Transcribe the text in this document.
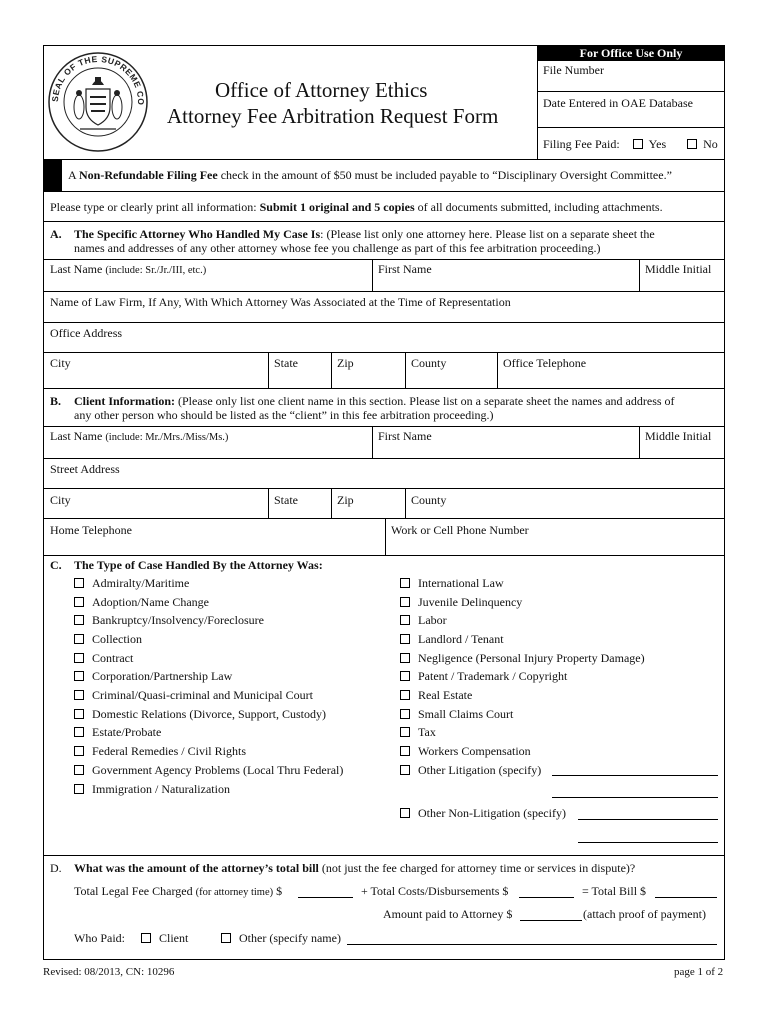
SEAL OF THE SUPREME CO	Office of Attorney Ethics
Attorney Fee Arbitration Request Form
For Office Use Only
File Number
Date Entered in OAE Database
Filing Fee Paid: Yes	No
A Non-Refundable Filing Fee check in the amount of $50 must be included payable to “Disciplinary Oversight Committee.”
Please type or clearly print all information: Submit 1 original and 5 copies of all documents submitted, including attachments.
A. The Specific Attorney Who Handled My Case Is: (Please list only one attorney here. Please list on a separate sheet the
names and addresses of any other attorney whose fee you challenge as part of this fee arbitration proceeding.)
Last Name (include: Sr./Jr./III, etc.)	First Name	Middle Initial
Name of Law Firm, If Any, With Which Attorney Was Associated at the Time of Representation
Office Address
City	State	Zip	County	Office Telephone
B. Client Information: (Please only list one client name in this section. Please list on a separate sheet the names and address of
any other person who should be listed as the “client” in this fee arbitration proceeding.)
Last Name (include: Mr./Mrs./Miss/Ms.)	First Name	Middle Initial
Street Address
City	State	Zip	County
Home Telephone	Work or Cell Phone Number
C. The Type of Case Handled By the Attorney Was:
Admiralty/Maritime
Adoption/Name Change
Bankruptcy/Insolvency/Foreclosure
Collection
Contract
Corporation/Partnership Law
Criminal/Quasi-criminal and Municipal Court
Domestic Relations (Divorce, Support, Custody)
Estate/Probate
Federal Remedies / Civil Rights
Government Agency Problems (Local Thru Federal)
Immigration / Naturalization
International Law
Juvenile Delinquency
Labor
Landlord / Tenant
Negligence (Personal Injury Property Damage)
Patent / Trademark / Copyright
Real Estate
Small Claims Court
Tax
Workers Compensation
Other Litigation (specify)
Other Non-Litigation (specify)
D. What was the amount of the attorney’s total bill (not just the fee charged for attorney time or services in dispute)?
Total Legal Fee Charged (for attorney time) $	+ Total Costs/Disbursements $	= Total Bill $
Amount paid to Attorney $	(attach proof of payment)
Who Paid:	Client	Other (specify name)
Revised: 08/2013, CN: 10296	page 1 of 2
